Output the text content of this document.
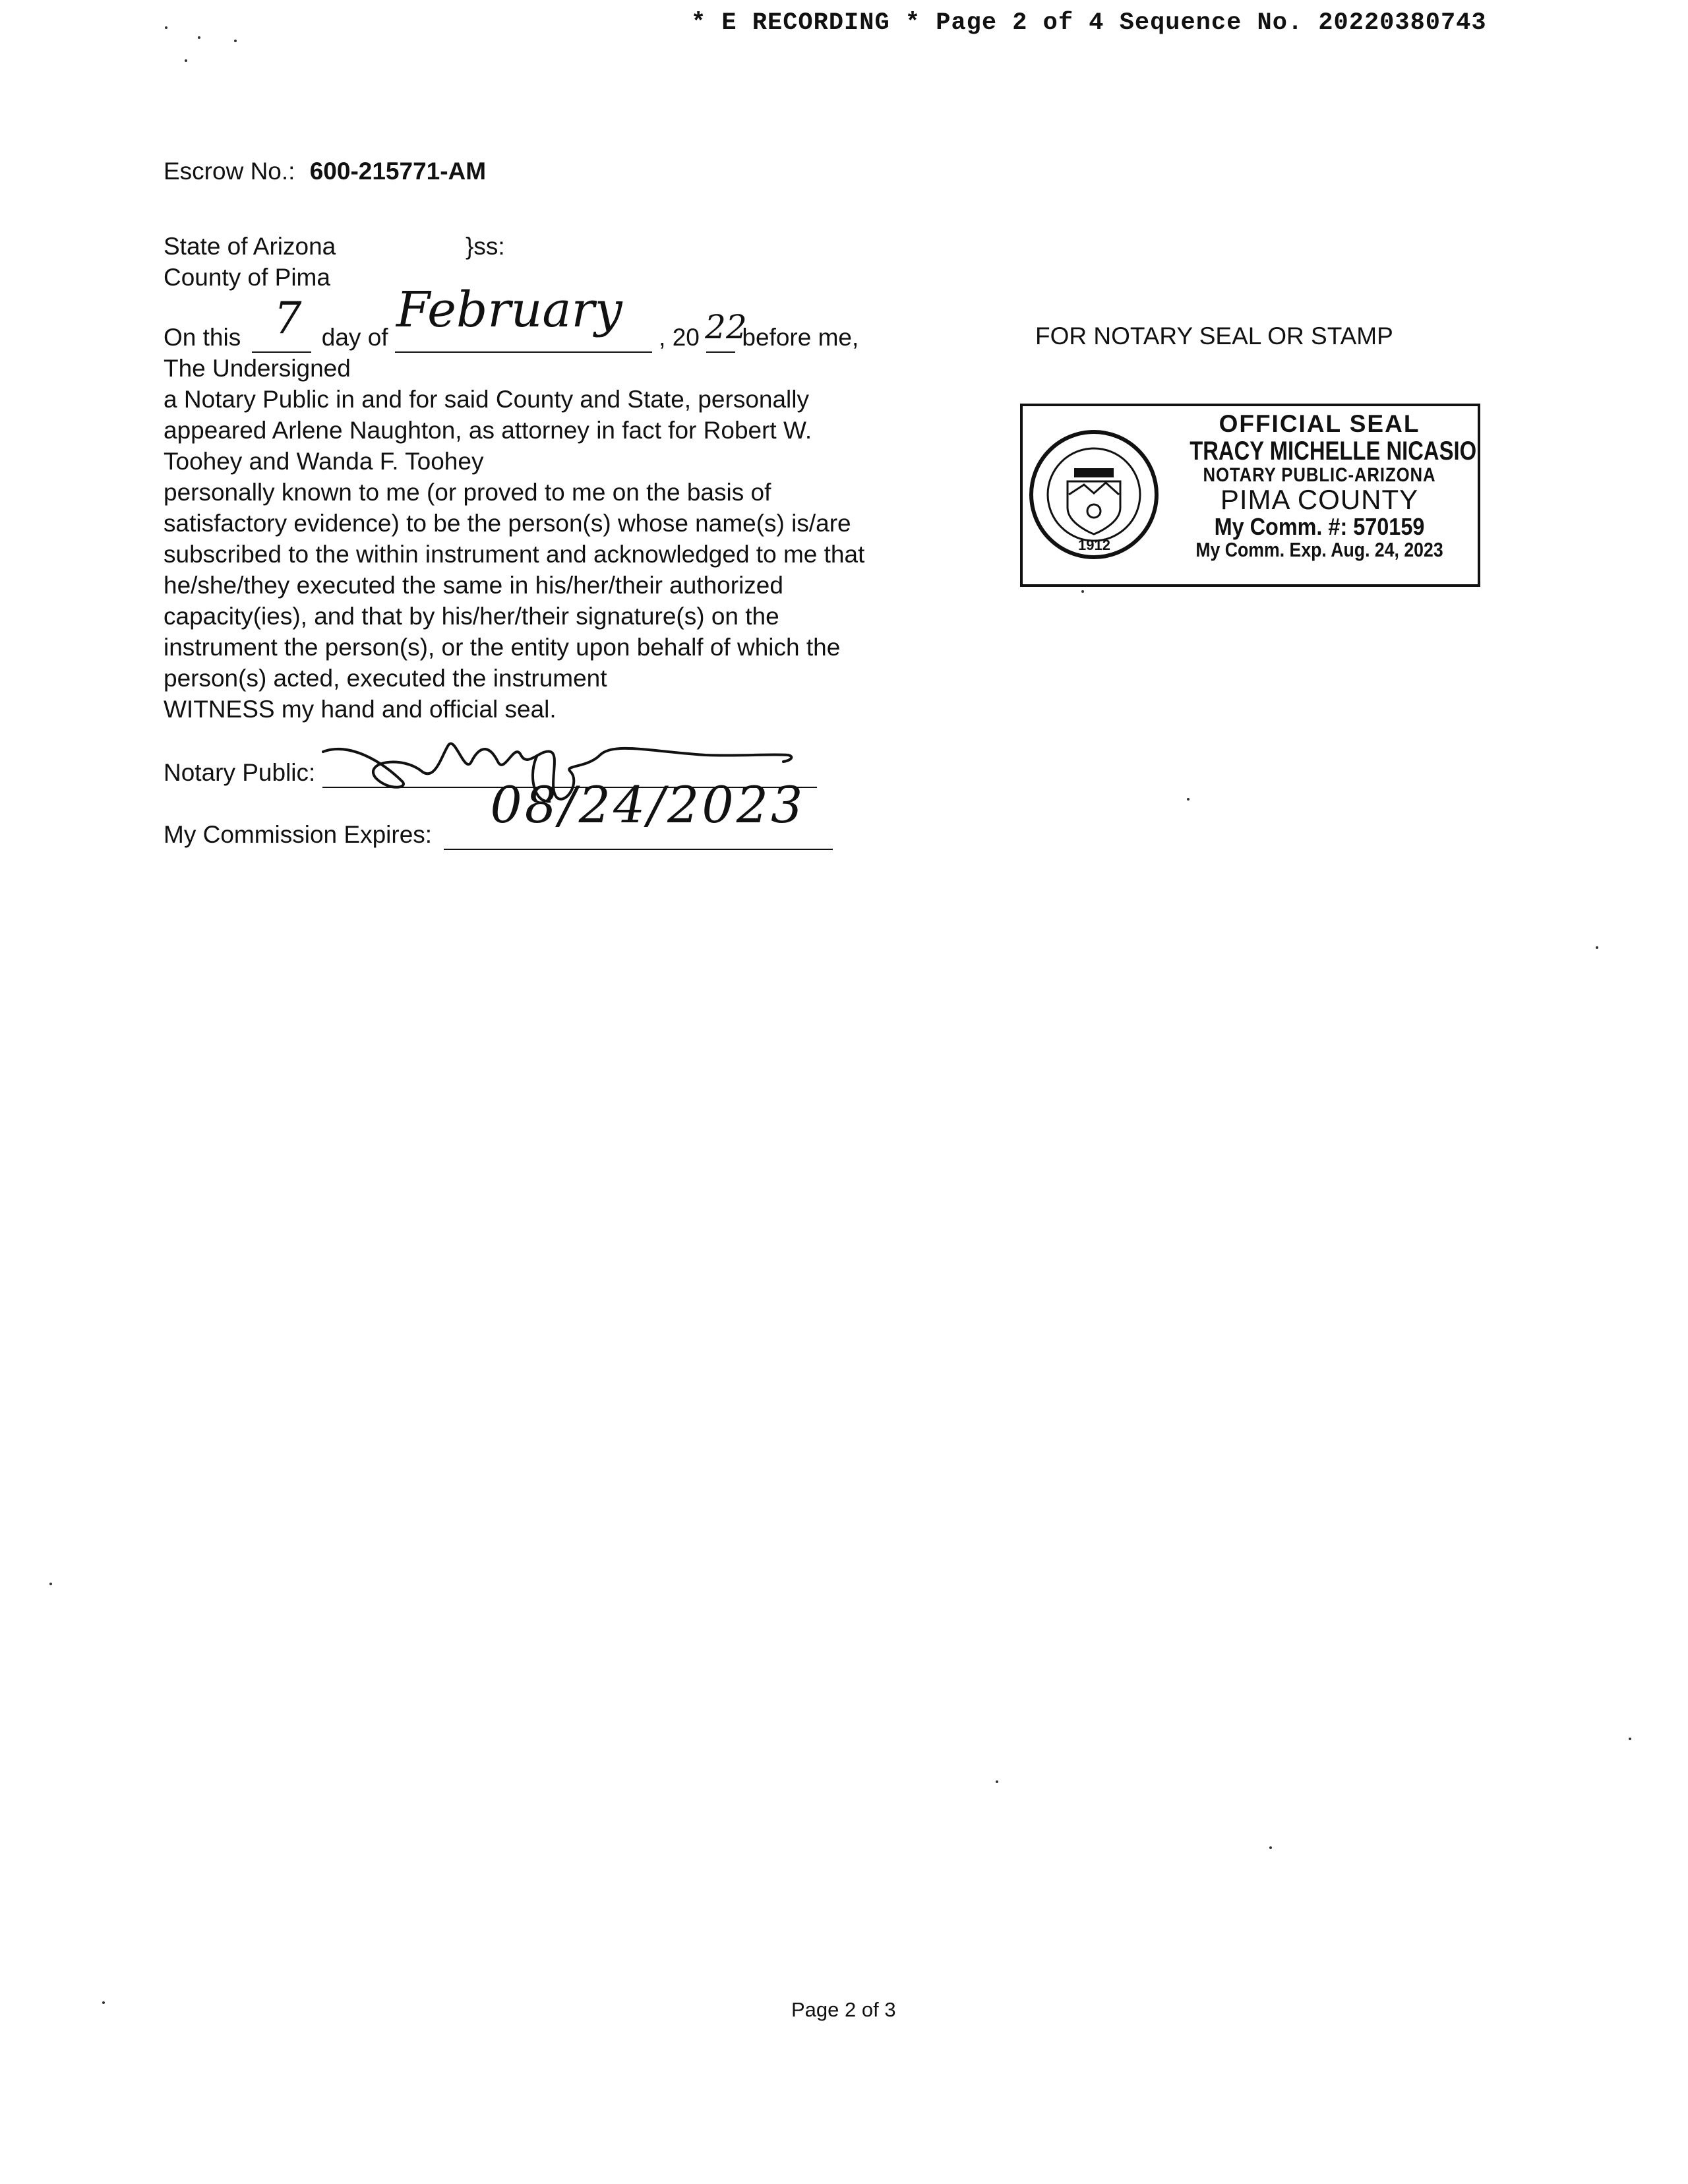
* E RECORDING * Page 2 of 4 Sequence No. 20220380743
Escrow No.: 600-215771-AM
State of Arizona	}ss:
County of Pima
On this 7 day of February , 20 22
before me,
The Undersigned
a Notary Public in and for said County and State, personally
appeared Arlene Naughton, as attorney in fact for Robert W.
Toohey and Wanda F. Toohey
personally known to me (or proved to me on the basis of
satisfactory evidence) to be the person(s) whose name(s) is/are
subscribed to the within instrument and acknowledged to me that
he/she/they executed the same in his/her/their authorized
capacity(ies), and that by his/her/their signature(s) on the
instrument the person(s), or the entity upon behalf of which the
person(s) acted, executed the instrument
WITNESS my hand and official seal.
Notary Public:
My Commission Expires:
08/24/2023
FOR NOTARY SEAL OR STAMP
1912
OFFICIAL SEAL
TRACY MICHELLE NICASIO
NOTARY PUBLIC-ARIZONA
PIMA COUNTY
My Comm. #: 570159
My Comm. Exp. Aug. 24, 2023
Page 2 of 3
